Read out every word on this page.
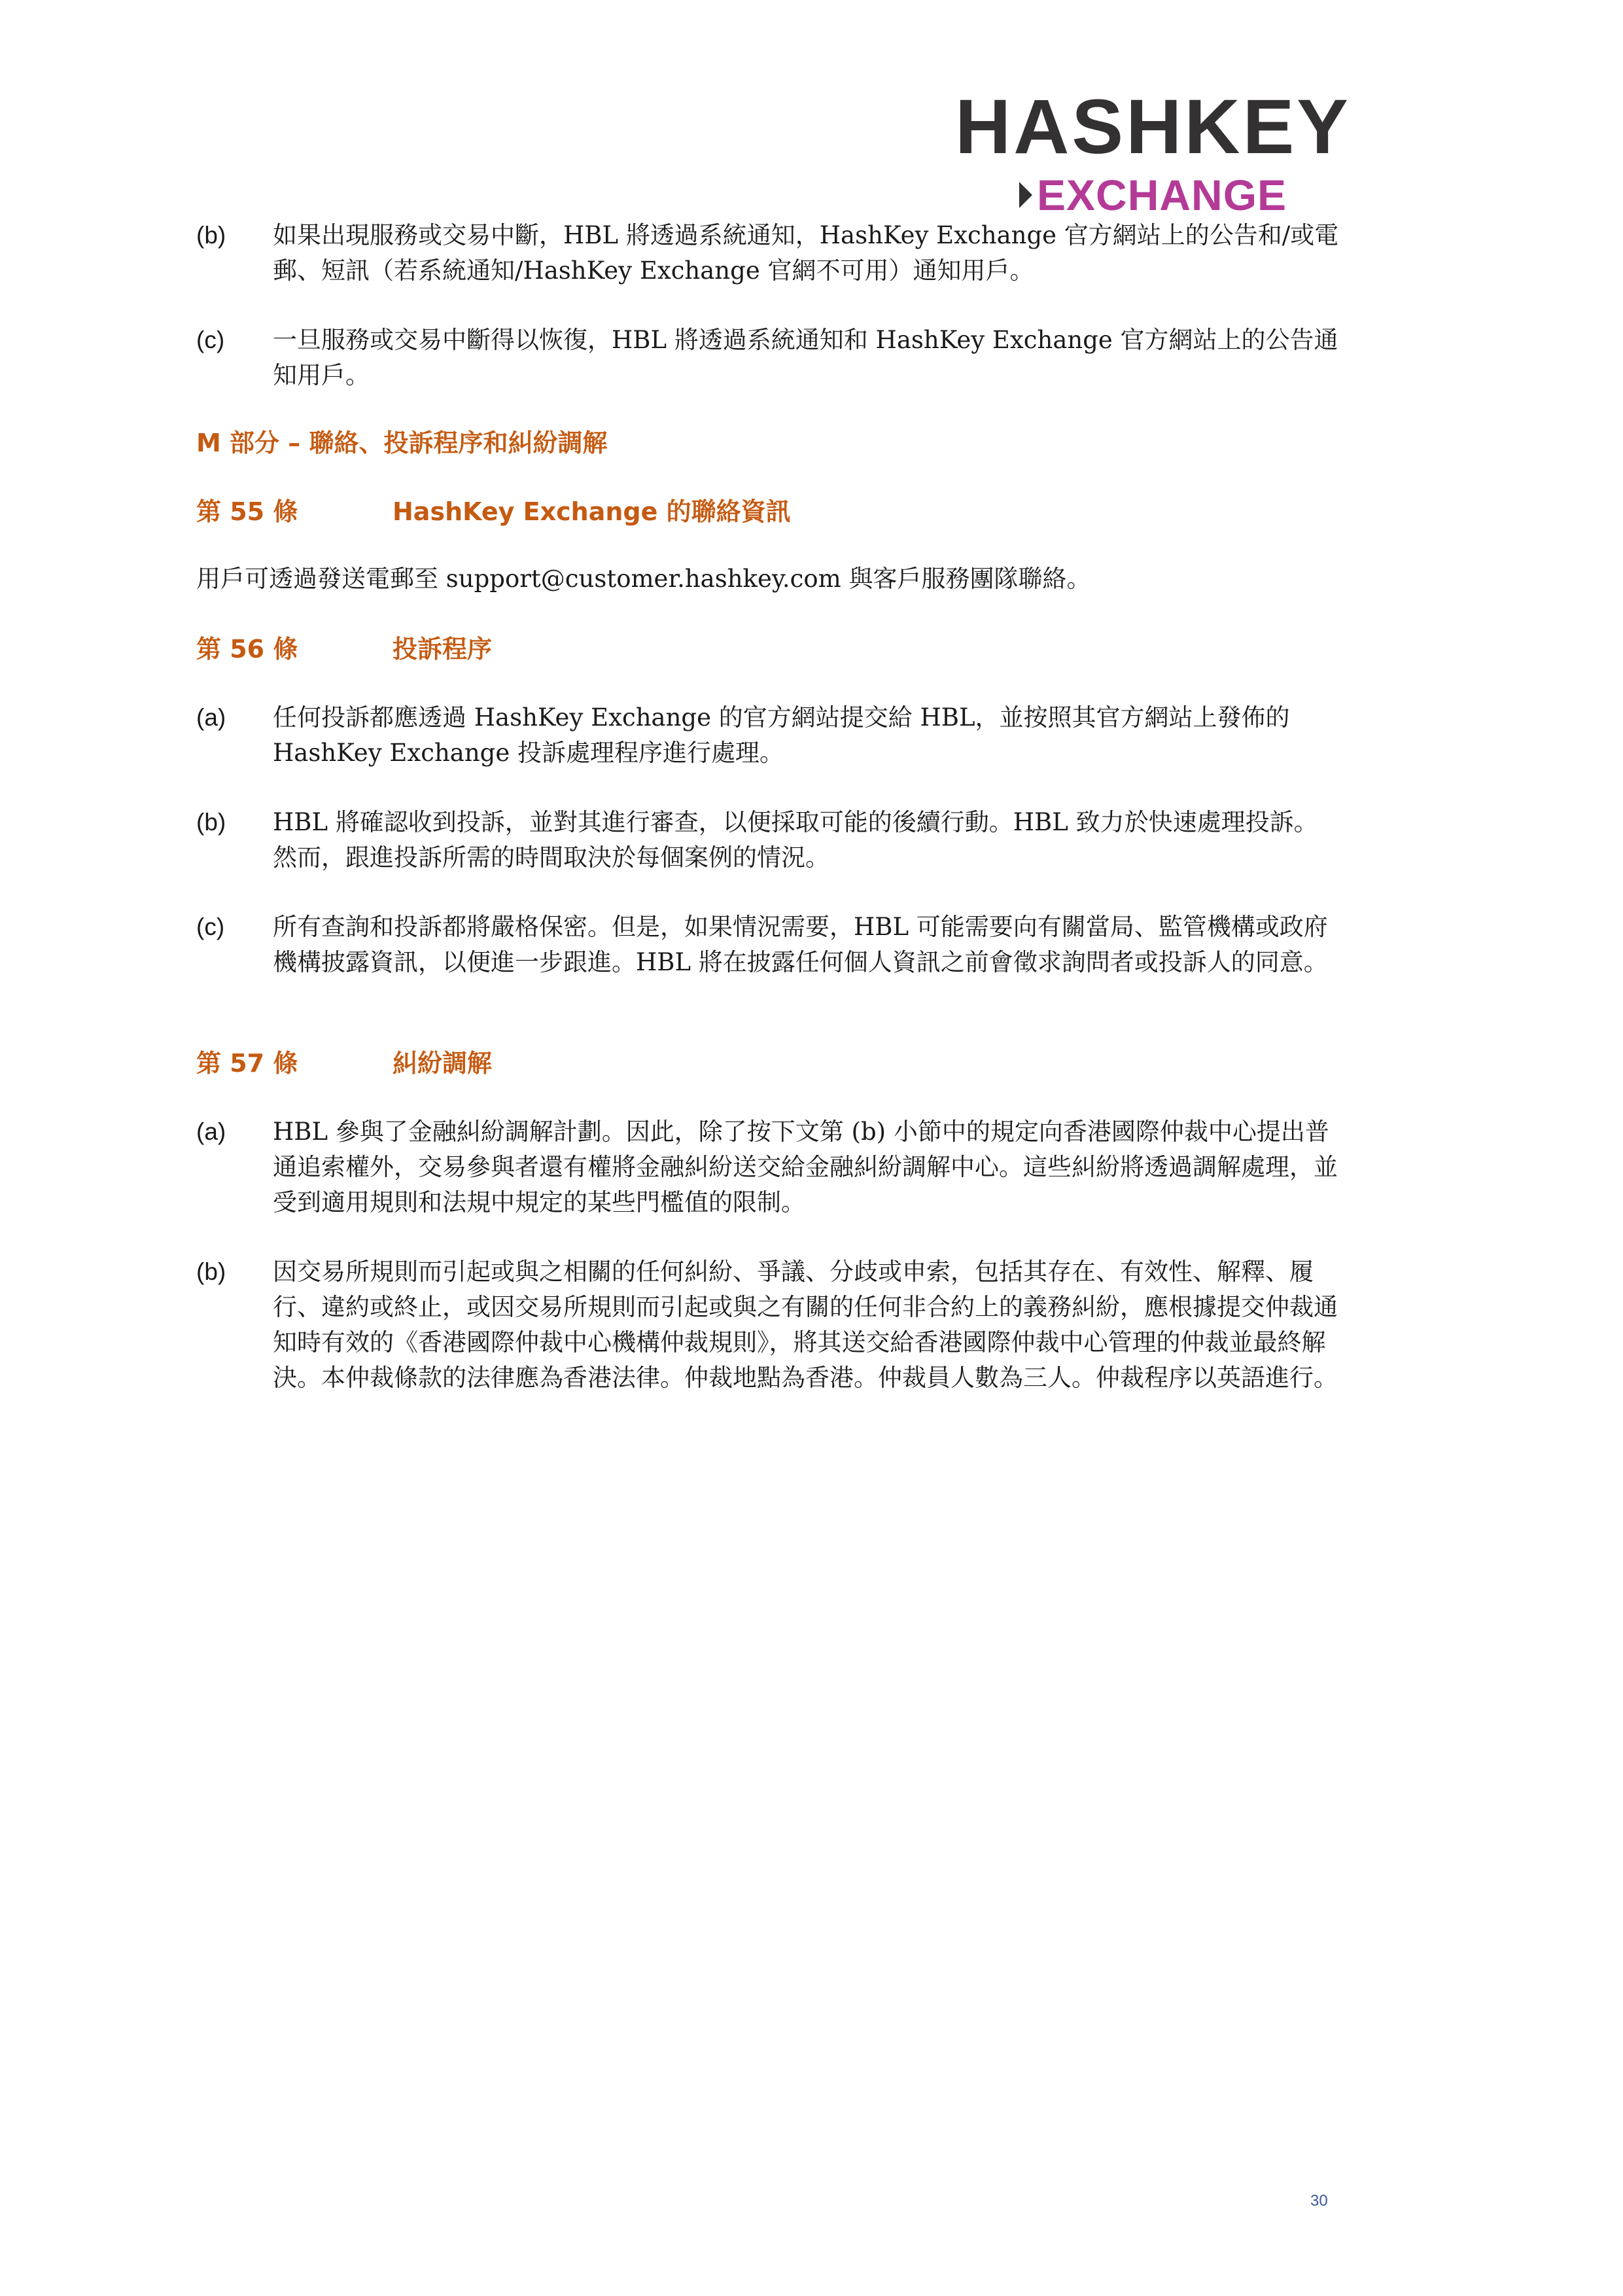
HASHKEY
EXCHANGE
(b) 如果出現服務或交易中斷，HBL 將透過系統通知，HashKey Exchange 官方網站上的公告和/或電郵、短訊（若系統通知/HashKey Exchange 官網不可用）通知用戶。
(c) 一旦服務或交易中斷得以恢復，HBL 將透過系統通知和 HashKey Exchange 官方網站上的公告通知用戶。
M 部分 – 聯絡、投訴程序和糾紛調解
第 55 條	HashKey Exchange 的聯絡資訊
用戶可透過發送電郵至 support@customer.hashkey.com 與客戶服務團隊聯絡。
第 56 條	投訴程序
(a) 任何投訴都應透過 HashKey Exchange 的官方網站提交給 HBL，並按照其官方網站上發佈的 HashKey Exchange 投訴處理程序進行處理。
(b) HBL 將確認收到投訴，並對其進行審查，以便採取可能的後續行動。HBL 致力於快速處理投訴。然而，跟進投訴所需的時間取決於每個案例的情況。
(c) 所有查詢和投訴都將嚴格保密。但是，如果情況需要，HBL 可能需要向有關當局、監管機構或政府機構披露資訊，以便進一步跟進。HBL 將在披露任何個人資訊之前會徵求詢問者或投訴人的同意。
第 57 條	糾紛調解
(a) HBL 參與了金融糾紛調解計劃。因此，除了按下文第 (b) 小節中的規定向香港國際仲裁中心提出普通追索權外，交易參與者還有權將金融糾紛送交給金融糾紛調解中心。這些糾紛將透過調解處理，並受到適用規則和法規中規定的某些門檻值的限制。
(b) 因交易所規則而引起或與之相關的任何糾紛、爭議、分歧或申索，包括其存在、有效性、解釋、履行、違約或終止，或因交易所規則而引起或與之有關的任何非合約上的義務糾紛，應根據提交仲裁通知時有效的《香港國際仲裁中心機構仲裁規則》，將其送交給香港國際仲裁中心管理的仲裁並最終解決。本仲裁條款的法律應為香港法律。仲裁地點為香港。仲裁員人數為三人。仲裁程序以英語進行。
30
